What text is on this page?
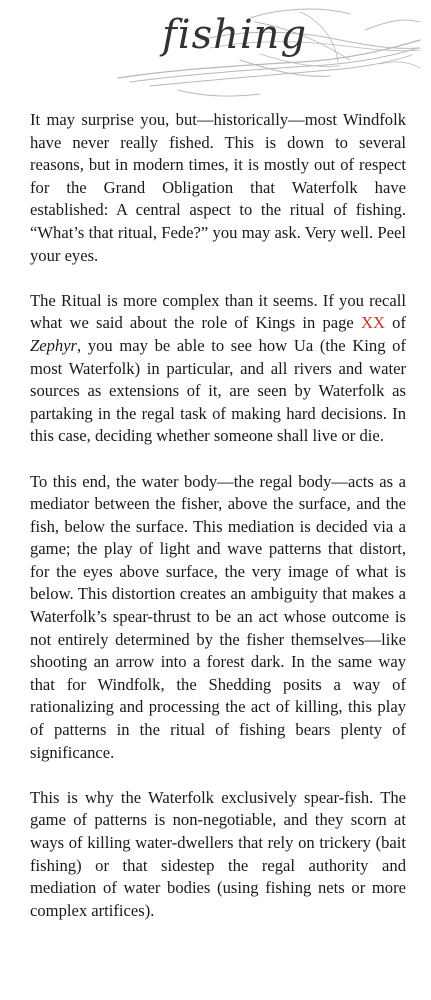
fishing

It may surprise you, but—historically—most Windfolk have never really fished. This is down to several reasons, but in modern times, it is mostly out of respect for the Grand Obligation that Waterfolk have established: A central aspect to the ritual of fishing. “What’s that ritual, Fede?” you may ask. Very well. Peel your eyes.

The Ritual is more complex than it seems. If you recall what we said about the role of Kings in page XX of Zephyr, you may be able to see how Ua (the King of most Waterfolk) in particular, and all rivers and water sources as extensions of it, are seen by Waterfolk as partaking in the regal task of making hard decisions. In this case, deciding whether someone shall live or die.

To this end, the water body—the regal body—acts as a mediator between the fisher, above the surface, and the fish, below the surface. This mediation is decided via a game; the play of light and wave patterns that distort, for the eyes above surface, the very image of what is below. This distortion creates an ambiguity that makes a Waterfolk’s spear-thrust to be an act whose outcome is not entirely determined by the fisher themselves—like shooting an arrow into a forest dark. In the same way that for Windfolk, the Shedding posits a way of rationalizing and processing the act of killing, this play of patterns in the ritual of fishing bears plenty of significance.

This is why the Waterfolk exclusively spear-fish. The game of patterns is non-negotiable, and they scorn at ways of killing water-dwellers that rely on trickery (bait fishing) or that sidestep the regal authority and mediation of water bodies (using fishing nets or more complex artifices).
